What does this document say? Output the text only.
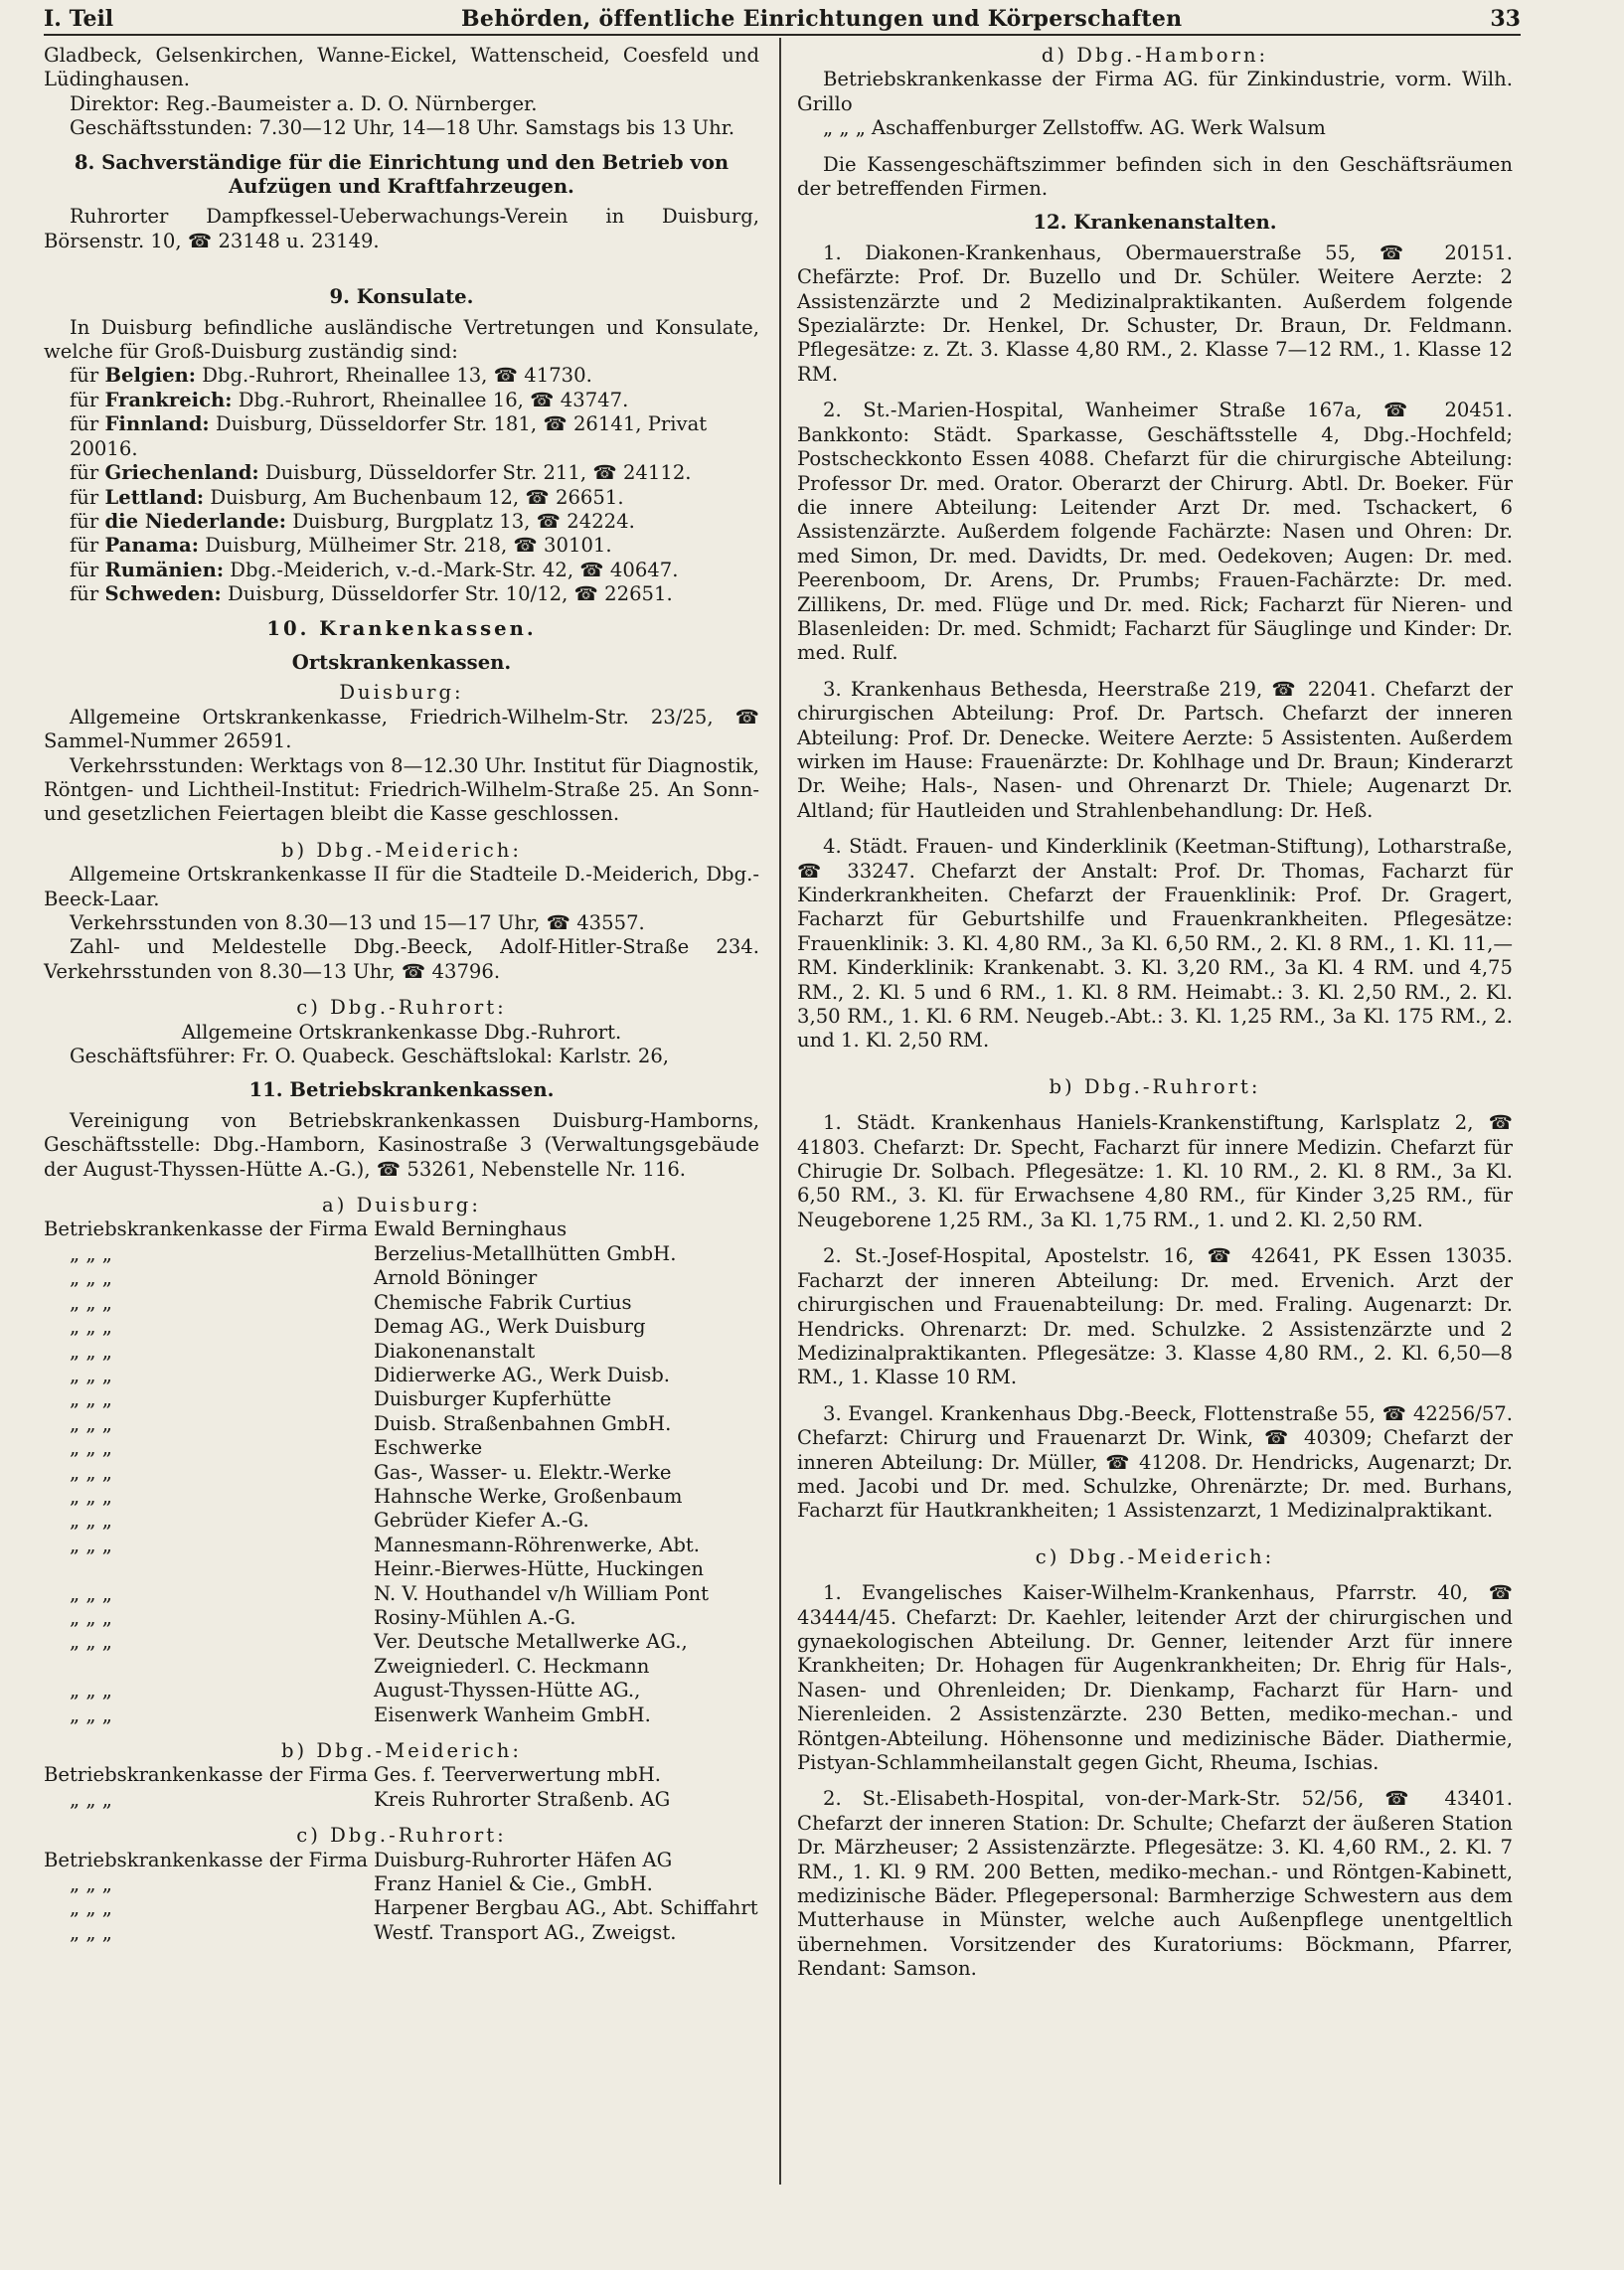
I. Teil	Behörden, öffentliche Einrichtungen und Körperschaften	33

Gladbeck, Gelsenkirchen, Wanne-Eickel, Wattenscheid, Coesfeld und Lüdinghausen.

Direktor: Reg.-Baumeister a. D. O. Nürnberger.

Geschäftsstunden: 7.30—12 Uhr, 14—18 Uhr. Samstags bis 13 Uhr.

8. Sachverständige für die Einrichtung und den Betrieb von Aufzügen und Kraftfahrzeugen.

Ruhrorter Dampfkessel-Ueberwachungs-Verein in Duisburg, Börsenstr. 10, ☎ 23148 u. 23149.

9. Konsulate.

In Duisburg befindliche ausländische Vertretungen und Konsulate, welche für Groß-Duisburg zuständig sind:

für Belgien: Dbg.-Ruhrort, Rheinallee 13, ☎ 41730.

für Frankreich: Dbg.-Ruhrort, Rheinallee 16, ☎ 43747.

für Finnland: Duisburg, Düsseldorfer Str. 181, ☎ 26141, Privat 20016.

für Griechenland: Duisburg, Düsseldorfer Str. 211, ☎ 24112.

für Lettland: Duisburg, Am Buchenbaum 12, ☎ 26651.

für die Niederlande: Duisburg, Burgplatz 13, ☎ 24224.

für Panama: Duisburg, Mülheimer Str. 218, ☎ 30101.

für Rumänien: Dbg.-Meiderich, v.-d.-Mark-Str. 42, ☎ 40647.

für Schweden: Duisburg, Düsseldorfer Str. 10/12, ☎ 22651.

10. Krankenkassen.

Ortskrankenkassen.

Duisburg:

Allgemeine Ortskrankenkasse, Friedrich-Wilhelm-Str. 23/25, ☎ Sammel-Nummer 26591.

Verkehrsstunden: Werktags von 8—12.30 Uhr. Institut für Diagnostik, Röntgen- und Lichtheil-Institut: Friedrich-Wilhelm-Straße 25. An Sonn- und gesetzlichen Feiertagen bleibt die Kasse geschlossen.

b) Dbg.-Meiderich:

Allgemeine Ortskrankenkasse II für die Stadteile D.-Meiderich, Dbg.-Beeck-Laar.

Verkehrsstunden von 8.30—13 und 15—17 Uhr, ☎ 43557.

Zahl- und Meldestelle Dbg.-Beeck, Adolf-Hitler-Straße 234. Verkehrsstunden von 8.30—13 Uhr, ☎ 43796.

c) Dbg.-Ruhrort:

Allgemeine Ortskrankenkasse Dbg.-Ruhrort.

Geschäftsführer: Fr. O. Quabeck. Geschäftslokal: Karlstr. 26,

11. Betriebskrankenkassen.

Vereinigung von Betriebskrankenkassen Duisburg-Hamborns, Geschäftsstelle: Dbg.-Hamborn, Kasinostraße 3 (Verwaltungsgebäude der August-Thyssen-Hütte A.-G.), ☎ 53261, Nebenstelle Nr. 116.

a) Duisburg:

Betriebskrankenkasse der Firma Ewald Berninghaus
„ „ „	Berzelius-Metallhütten GmbH.
„ „ „	Arnold Böninger
„ „ „	Chemische Fabrik Curtius
„ „ „	Demag AG., Werk Duisburg
„ „ „	Diakonenanstalt
„ „ „	Didierwerke AG., Werk Duisb.
„ „ „	Duisburger Kupferhütte
„ „ „	Duisb. Straßenbahnen GmbH.
„ „ „	Eschwerke
„ „ „	Gas-, Wasser- u. Elektr.-Werke
„ „ „	Hahnsche Werke, Großenbaum
„ „ „	Gebrüder Kiefer A.-G.
„ „ „	Mannesmann-Röhrenwerke, Abt. Heinr.-Bierwes-Hütte, Huckingen
„ „ „	N. V. Houthandel v/h William Pont
„ „ „	Rosiny-Mühlen A.-G.
„ „ „	Ver. Deutsche Metallwerke AG., Zweigniederl. C. Heckmann
„ „ „	August-Thyssen-Hütte AG.,
„ „ „	Eisenwerk Wanheim GmbH.

b) Dbg.-Meiderich:

Betriebskrankenkasse der Firma Ges. f. Teerverwertung mbH.
„ „ „	Kreis Ruhrorter Straßenb. AG

c) Dbg.-Ruhrort:

Betriebskrankenkasse der Firma Duisburg-Ruhrorter Häfen AG
„ „ „	Franz Haniel & Cie., GmbH.
„ „ „	Harpener Bergbau AG., Abt. Schiffahrt
„ „ „	Westf. Transport AG., Zweigst.

d) Dbg.-Hamborn:

Betriebskrankenkasse der Firma AG. für Zinkindustrie, vorm. Wilh. Grillo

„ „ „ Aschaffenburger Zellstoffw. AG. Werk Walsum

Die Kassengeschäftszimmer befinden sich in den Geschäftsräumen der betreffenden Firmen.

12. Krankenanstalten.

1. Diakonen-Krankenhaus, Obermauerstraße 55, ☎ 20151. Chefärzte: Prof. Dr. Buzello und Dr. Schüler. Weitere Aerzte: 2 Assistenzärzte und 2 Medizinalpraktikanten. Außerdem folgende Spezialärzte: Dr. Henkel, Dr. Schuster, Dr. Braun, Dr. Feldmann. Pflegesätze: z. Zt. 3. Klasse 4,80 RM., 2. Klasse 7—12 RM., 1. Klasse 12 RM.

2. St.-Marien-Hospital, Wanheimer Straße 167a, ☎ 20451. Bankkonto: Städt. Sparkasse, Geschäftsstelle 4, Dbg.-Hochfeld; Postscheckkonto Essen 4088. Chefarzt für die chirurgische Abteilung: Professor Dr. med. Orator. Oberarzt der Chirurg. Abtl. Dr. Boeker. Für die innere Abteilung: Leitender Arzt Dr. med. Tschackert, 6 Assistenzärzte. Außerdem folgende Fachärzte: Nasen und Ohren: Dr. med Simon, Dr. med. Davidts, Dr. med. Oedekoven; Augen: Dr. med. Peerenboom, Dr. Arens, Dr. Prumbs; Frauen-Fachärzte: Dr. med. Zillikens, Dr. med. Flüge und Dr. med. Rick; Facharzt für Nieren- und Blasenleiden: Dr. med. Schmidt; Facharzt für Säuglinge und Kinder: Dr. med. Rulf.

3. Krankenhaus Bethesda, Heerstraße 219, ☎ 22041. Chefarzt der chirurgischen Abteilung: Prof. Dr. Partsch. Chefarzt der inneren Abteilung: Prof. Dr. Denecke. Weitere Aerzte: 5 Assistenten. Außerdem wirken im Hause: Frauenärzte: Dr. Kohlhage und Dr. Braun; Kinderarzt Dr. Weihe; Hals-, Nasen- und Ohrenarzt Dr. Thiele; Augenarzt Dr. Altland; für Hautleiden und Strahlenbehandlung: Dr. Heß.

4. Städt. Frauen- und Kinderklinik (Keetman-Stiftung), Lotharstraße, ☎ 33247. Chefarzt der Anstalt: Prof. Dr. Thomas, Facharzt für Kinderkrankheiten. Chefarzt der Frauenklinik: Prof. Dr. Gragert, Facharzt für Geburtshilfe und Frauenkrankheiten. Pflegesätze: Frauenklinik: 3. Kl. 4,80 RM., 3a Kl. 6,50 RM., 2. Kl. 8 RM., 1. Kl. 11,— RM. Kinderklinik: Krankenabt. 3. Kl. 3,20 RM., 3a Kl. 4 RM. und 4,75 RM., 2. Kl. 5 und 6 RM., 1. Kl. 8 RM. Heimabt.: 3. Kl. 2,50 RM., 2. Kl. 3,50 RM., 1. Kl. 6 RM. Neugeb.-Abt.: 3. Kl. 1,25 RM., 3a Kl. 175 RM., 2. und 1. Kl. 2,50 RM.

b) Dbg.-Ruhrort:

1. Städt. Krankenhaus Haniels-Krankenstiftung, Karlsplatz 2, ☎ 41803. Chefarzt: Dr. Specht, Facharzt für innere Medizin. Chefarzt für Chirugie Dr. Solbach. Pflegesätze: 1. Kl. 10 RM., 2. Kl. 8 RM., 3a Kl. 6,50 RM., 3. Kl. für Erwachsene 4,80 RM., für Kinder 3,25 RM., für Neugeborene 1,25 RM., 3a Kl. 1,75 RM., 1. und 2. Kl. 2,50 RM.

2. St.-Josef-Hospital, Apostelstr. 16, ☎ 42641, PK Essen 13035. Facharzt der inneren Abteilung: Dr. med. Ervenich. Arzt der chirurgischen und Frauenabteilung: Dr. med. Fraling. Augenarzt: Dr. Hendricks. Ohrenarzt: Dr. med. Schulzke. 2 Assistenzärzte und 2 Medizinalpraktikanten. Pflegesätze: 3. Klasse 4,80 RM., 2. Kl. 6,50—8 RM., 1. Klasse 10 RM.

3. Evangel. Krankenhaus Dbg.-Beeck, Flottenstraße 55, ☎ 42256/57. Chefarzt: Chirurg und Frauenarzt Dr. Wink, ☎ 40309; Chefarzt der inneren Abteilung: Dr. Müller, ☎ 41208. Dr. Hendricks, Augenarzt; Dr. med. Jacobi und Dr. med. Schulzke, Ohrenärzte; Dr. med. Burhans, Facharzt für Hautkrankheiten; 1 Assistenzarzt, 1 Medizinalpraktikant.

c) Dbg.-Meiderich:

1. Evangelisches Kaiser-Wilhelm-Krankenhaus, Pfarrstr. 40, ☎ 43444/45. Chefarzt: Dr. Kaehler, leitender Arzt der chirurgischen und gynaekologischen Abteilung. Dr. Genner, leitender Arzt für innere Krankheiten; Dr. Hohagen für Augenkrankheiten; Dr. Ehrig für Hals-, Nasen- und Ohrenleiden; Dr. Dienkamp, Facharzt für Harn- und Nierenleiden. 2 Assistenzärzte. 230 Betten, mediko-mechan.- und Röntgen-Abteilung. Höhensonne und medizinische Bäder. Diathermie, Pistyan-Schlammheilanstalt gegen Gicht, Rheuma, Ischias.

2. St.-Elisabeth-Hospital, von-der-Mark-Str. 52/56, ☎ 43401. Chefarzt der inneren Station: Dr. Schulte; Chefarzt der äußeren Station Dr. Märzheuser; 2 Assistenzärzte. Pflegesätze: 3. Kl. 4,60 RM., 2. Kl. 7 RM., 1. Kl. 9 RM. 200 Betten, mediko-mechan.- und Röntgen-Kabinett, medizinische Bäder. Pflegepersonal: Barmherzige Schwestern aus dem Mutterhause in Münster, welche auch Außenpflege unentgeltlich übernehmen. Vorsitzender des Kuratoriums: Böckmann, Pfarrer, Rendant: Samson.
